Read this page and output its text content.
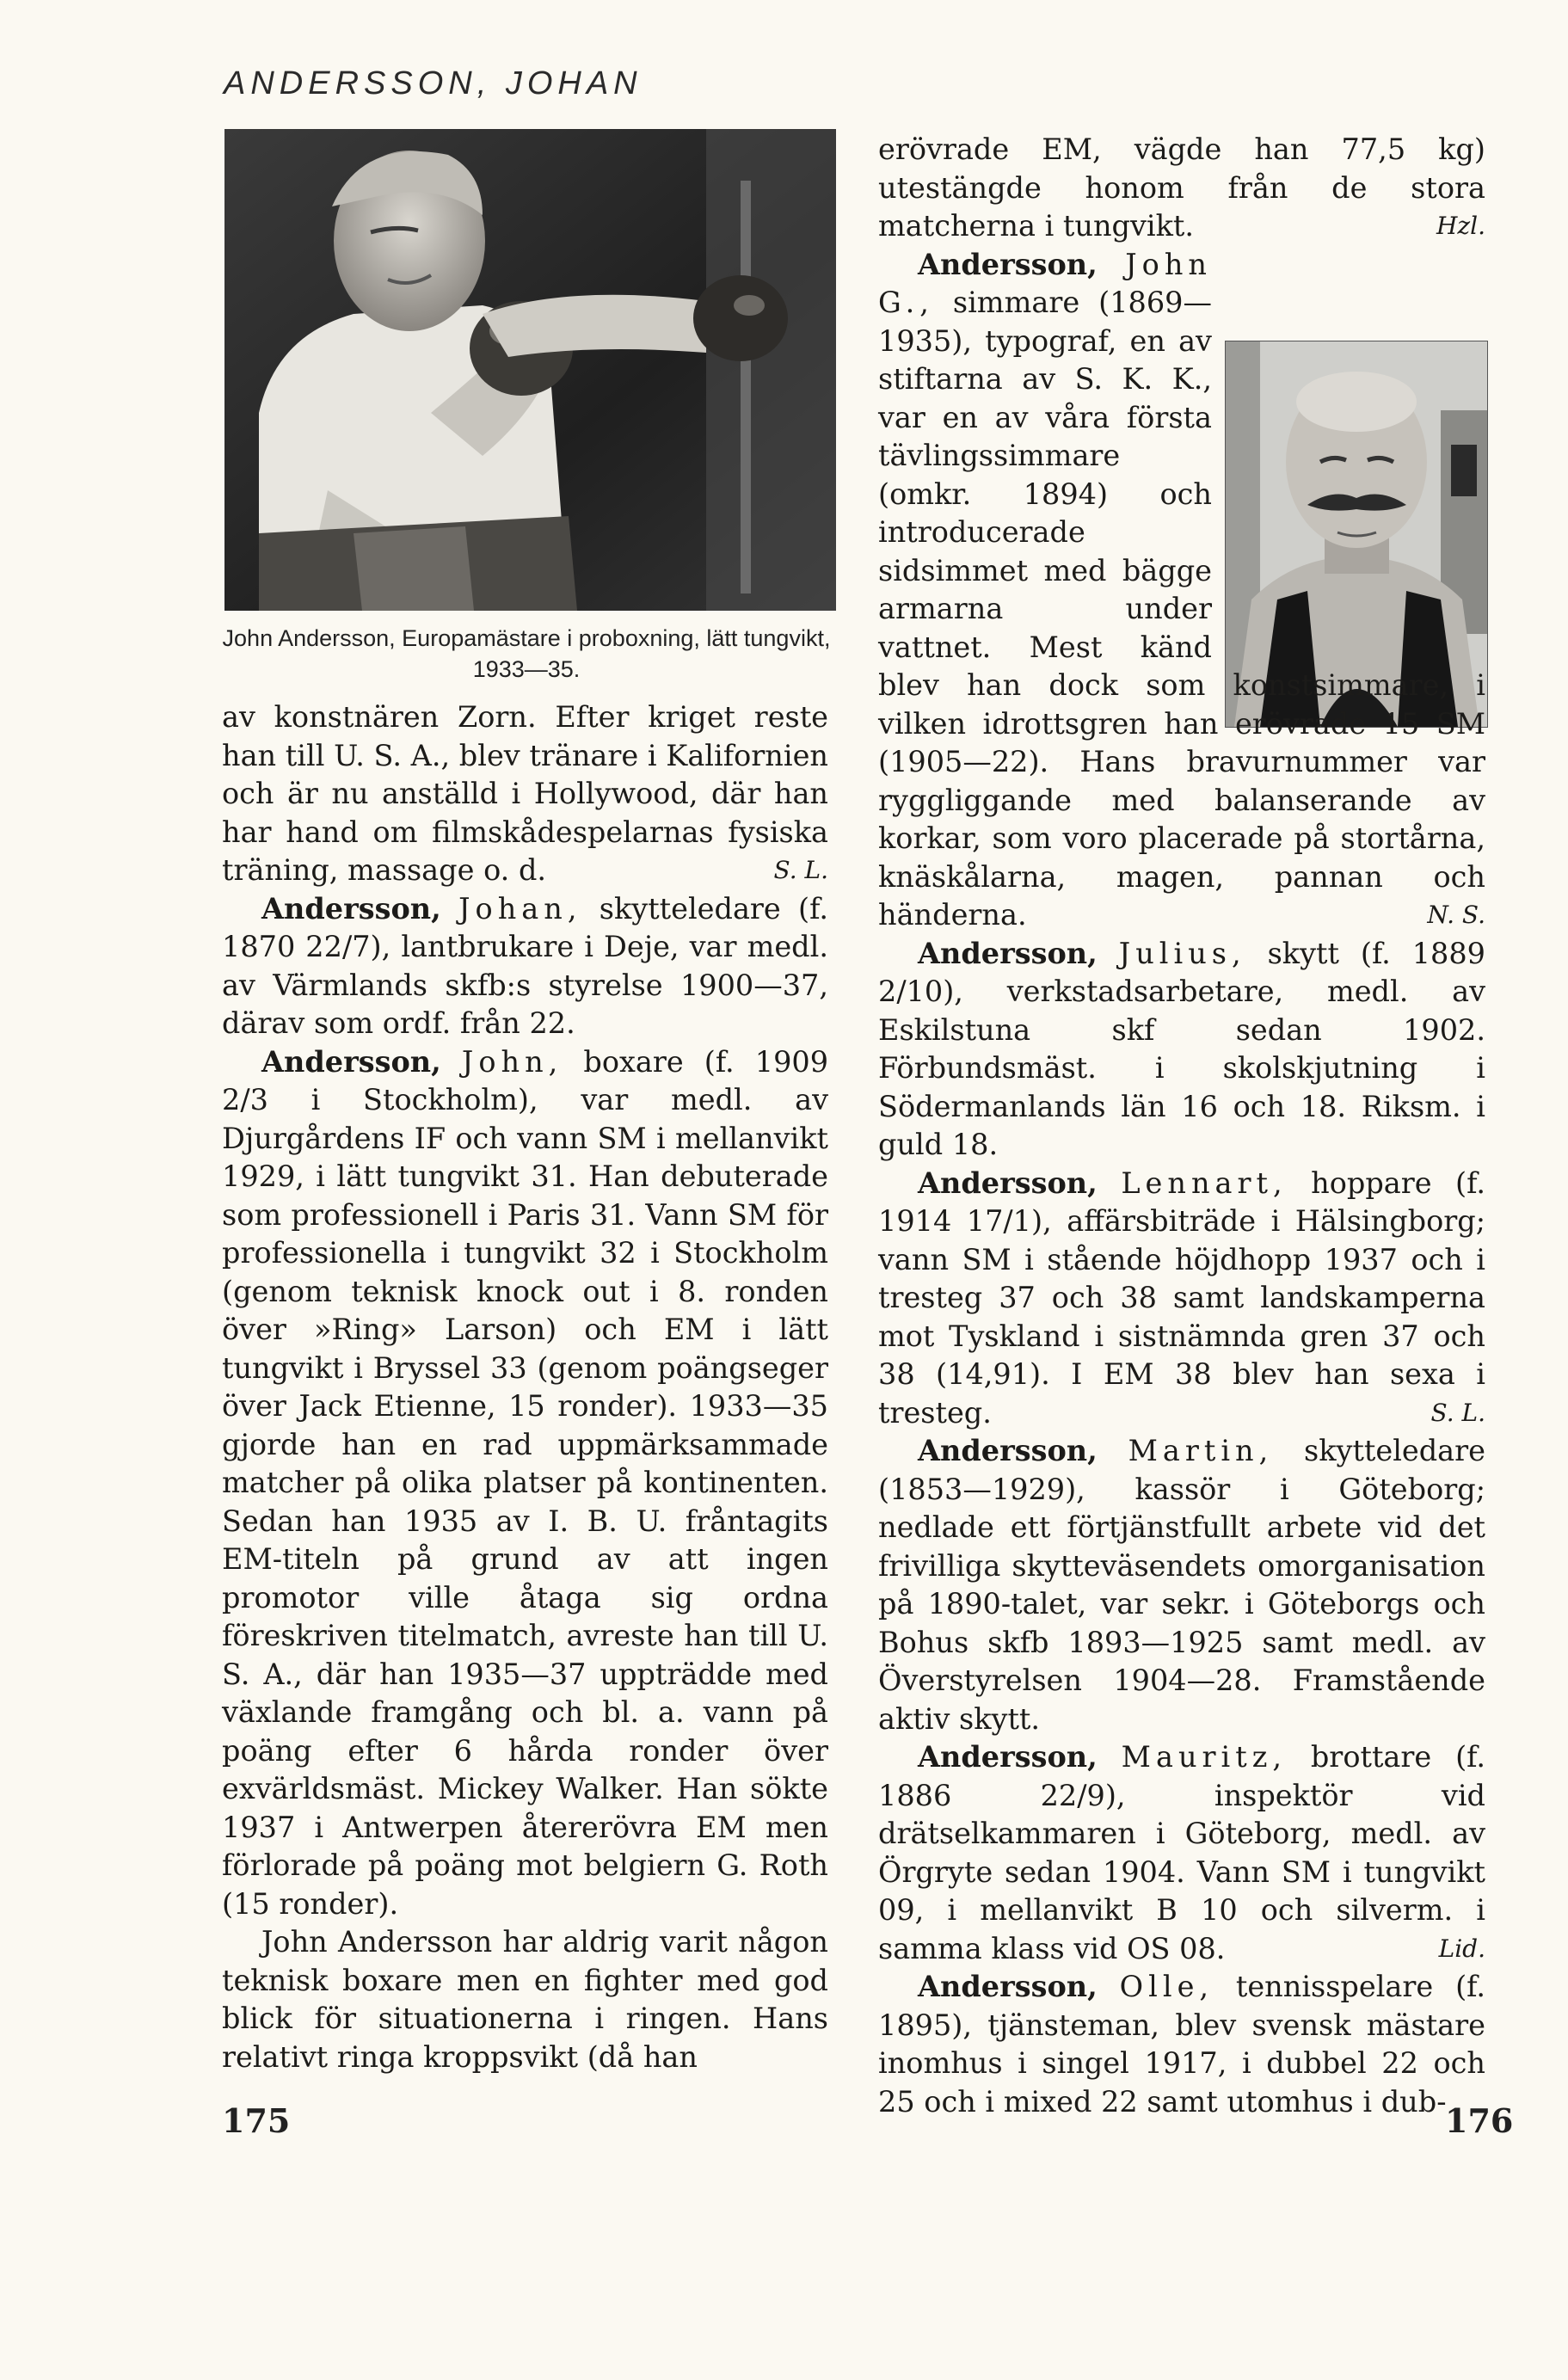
ANDERSSON, JOHAN
John Andersson, Europamästare i proboxning, lätt tungvikt, 1933—35.

av konstnären Zorn. Efter kriget reste han till U. S. A., blev tränare i Kalifornien och är nu anställd i Hollywood, där han har hand om filmskådespelarnas fysiska träning, massage o. d.	S. L.

Andersson, Johan, skytteledare (f. 1870 22/7), lantbrukare i Deje, var medl. av Värmlands skfb:s styrelse 1900—37, därav som ordf. från 22.

Andersson, John, boxare (f. 1909 2/3 i Stockholm), var medl. av Djurgårdens IF och vann SM i mellanvikt 1929, i lätt tungvikt 31. Han debuterade som professionell i Paris 31. Vann SM för professionella i tungvikt 32 i Stockholm (genom teknisk knock out i 8. ronden över »Ring» Larson) och EM i lätt tungvikt i Bryssel 33 (genom poängseger över Jack Etienne, 15 ronder). 1933—35 gjorde han en rad uppmärksammade matcher på olika platser på kontinenten. Sedan han 1935 av I. B. U. fråntagits EM-titeln på grund av att ingen promotor ville åtaga sig ordna föreskriven titelmatch, avreste han till U. S. A., där han 1935—37 uppträdde med växlande framgång och bl. a. vann på poäng efter 6 hårda ronder över exvärldsmäst. Mickey Walker. Han sökte 1937 i Antwerpen återerövra EM men förlorade på poäng mot belgiern G. Roth (15 ronder).

John Andersson har aldrig varit någon teknisk boxare men en fighter med god blick för situationerna i ringen. Hans relativt ringa kroppsvikt (då han

erövrade EM, vägde han 77,5 kg) utestängde honom från de stora matcherna i tungvikt.	Hzl.

Andersson, John G., simmare (1869—1935), typograf, en av stiftarna av S. K. K., var en av våra första tävlingssimmare (omkr. 1894) och introducerade sidsimmet med bägge armarna under vattnet. Mest känd blev han dock som konstsimmare, i vilken idrottsgren han erövrade 15 SM (1905—22). Hans bravurnummer var ryggliggande med balanserande av korkar, som voro placerade på stortårna, knäskålarna, magen, pannan och händerna.	N. S.

Andersson, Julius, skytt (f. 1889 2/10), verkstadsarbetare, medl. av Eskilstuna skf sedan 1902. Förbundsmäst. i skolskjutning i Södermanlands län 16 och 18. Riksm. i guld 18.

Andersson, Lennart, hoppare (f. 1914 17/1), affärsbiträde i Hälsingborg; vann SM i stående höjdhopp 1937 och i tresteg 37 och 38 samt landskamperna mot Tyskland i sistnämnda gren 37 och 38 (14,91). I EM 38 blev han sexa i tresteg.	S. L.

Andersson, Martin, skytteledare (1853—1929), kassör i Göteborg; nedlade ett förtjänstfullt arbete vid det frivilliga skytteväsendets omorganisation på 1890-talet, var sekr. i Göteborgs och Bohus skfb 1893—1925 samt medl. av Överstyrelsen 1904—28. Framstående aktiv skytt.

Andersson, Mauritz, brottare (f. 1886 22/9), inspektör vid drätselkammaren i Göteborg, medl. av Örgryte sedan 1904. Vann SM i tungvikt 09, i mellanvikt B 10 och silverm. i samma klass vid OS 08.	Lid.

Andersson, Olle, tennisspelare (f. 1895), tjänsteman, blev svensk mästare inomhus i singel 1917, i dubbel 22 och 25 och i mixed 22 samt utomhus i dub-

175	176
